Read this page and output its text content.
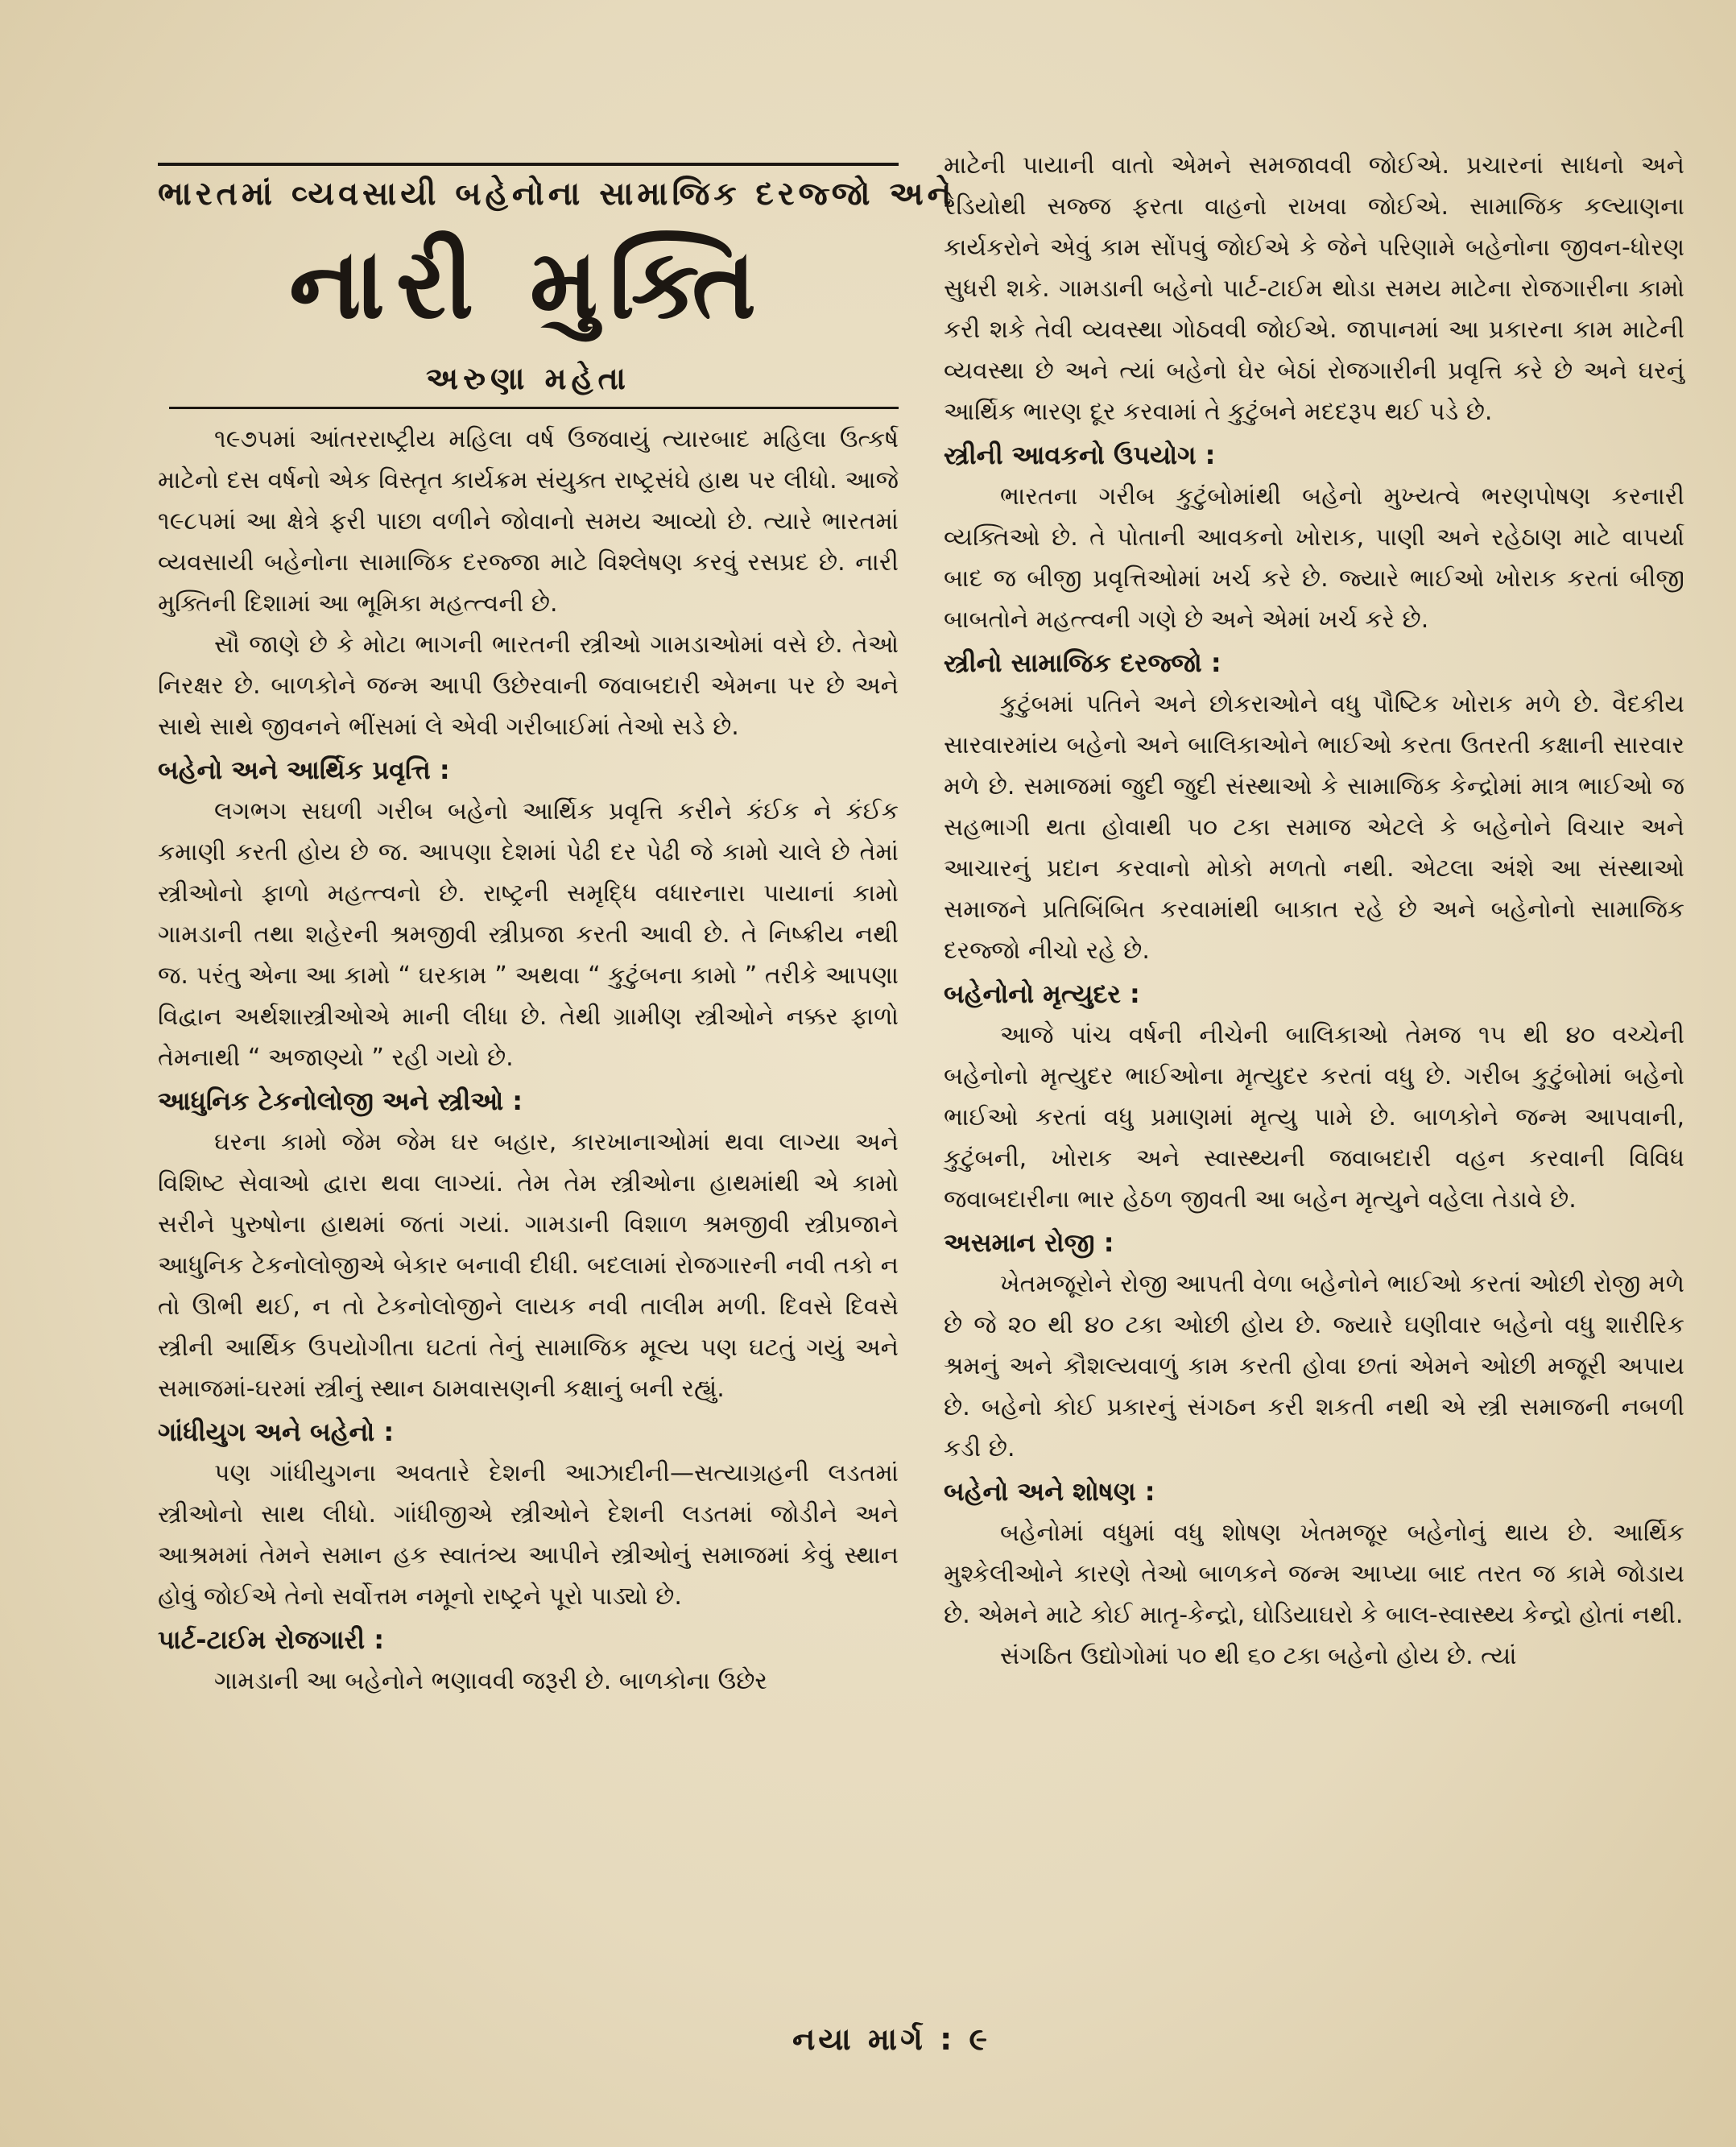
ભારતમાં વ્યવસાયી બહેનોના સામાજિક દરજ્જો અને
નારી મુક્તિ
અરુણા મહેતા

૧૯૭૫માં આંતરરાષ્ટ્રીય મહિલા વર્ષ ઉજવાયું ત્યારબાદ મહિલા ઉત્કર્ષ માટેનો દસ વર્ષનો એક વિસ્તૃત કાર્યક્રમ સંયુક્ત રાષ્ટ્રસંઘે હાથ પર લીધો. આજે ૧૯૮૫માં આ ક્ષેત્રે ફરી પાછા વળીને જોવાનો સમય આવ્યો છે. ત્યારે ભારતમાં વ્યવસાયી બહેનોના સામાજિક દરજ્જા માટે વિશ્લેષણ કરવું રસપ્રદ છે. નારી મુક્તિની દિશામાં આ ભૂમિકા મહત્ત્વની છે.

સૌ જાણે છે કે મોટા ભાગની ભારતની સ્ત્રીઓ ગામડાઓમાં વસે છે. તેઓ નિરક્ષર છે. બાળકોને જન્મ આપી ઉછેરવાની જવાબદારી એમના પર છે અને સાથે સાથે જીવનને ભીંસમાં લે એવી ગરીબાઈમાં તેઓ સડે છે.

બહેનો અને આર્થિક પ્રવૃત્તિ :

લગભગ સઘળી ગરીબ બહેનો આર્થિક પ્રવૃત્તિ કરીને કંઈક ને કંઈક કમાણી કરતી હોય છે જ. આપણા દેશમાં પેઢી દર પેઢી જે કામો ચાલે છે તેમાં સ્ત્રીઓનો ફાળો મહત્ત્વનો છે. રાષ્ટ્રની સમૃદ્ધિ વધારનારા પાયાનાં કામો ગામડાની તથા શહેરની શ્રમજીવી સ્ત્રીપ્રજા કરતી આવી છે. તે નિષ્ક્રીય નથી જ. પરંતુ એના આ કામો “ ઘરકામ ” અથવા “ કુટુંબના કામો ” તરીકે આપણા વિદ્વાન અર્થશાસ્ત્રીઓએ માની લીધા છે. તેથી ગ્રામીણ સ્ત્રીઓને નક્કર ફાળો તેમનાથી “ અજાણ્યો ” રહી ગયો છે.

આધુનિક ટેકનોલોજી અને સ્ત્રીઓ :

ઘરના કામો જેમ જેમ ઘર બહાર, કારખાનાઓમાં થવા લાગ્યા અને વિશિષ્ટ સેવાઓ દ્વારા થવા લાગ્યાં. તેમ તેમ સ્ત્રીઓના હાથમાંથી એ કામો સરીને પુરુષોના હાથમાં જતાં ગયાં. ગામડાની વિશાળ શ્રમજીવી સ્ત્રીપ્રજાને આધુનિક ટેકનોલોજીએ બેકાર બનાવી દીધી. બદલામાં રોજગારની નવી તકો ન તો ઊભી થઈ, ન તો ટેકનોલોજીને લાયક નવી તાલીમ મળી. દિવસે દિવસે સ્ત્રીની આર્થિક ઉપયોગીતા ઘટતાં તેનું સામાજિક મૂલ્ય પણ ઘટતું ગયું અને સમાજમાં-ઘરમાં સ્ત્રીનું સ્થાન ઠામવાસણની કક્ષાનું બની રહ્યું.

ગાંધીયુગ અને બહેનો :

પણ ગાંધીયુગના અવતારે દેશની આઝાદીની—સત્યાગ્રહની લડતમાં સ્ત્રીઓનો સાથ લીધો. ગાંધીજીએ સ્ત્રીઓને દેશની લડતમાં જોડીને અને આશ્રમમાં તેમને સમાન હક સ્વાતંત્ર્ય આપીને સ્ત્રીઓનું સમાજમાં કેવું સ્થાન હોવું જોઈએ તેનો સર્વોત્તમ નમૂનો રાષ્ટ્રને પૂરો પાડ્યો છે.

પાર્ટ-ટાઈમ રોજગારી :

ગામડાની આ બહેનોને ભણાવવી જરૂરી છે. બાળકોના ઉછેર

માટેની પાયાની વાતો એમને સમજાવવી જોઈએ. પ્રચારનાં સાધનો અને રેડિયોથી સજ્જ ફરતા વાહનો રાખવા જોઈએ. સામાજિક કલ્યાણના કાર્યકરોને એવું કામ સોંપવું જોઈએ કે જેને પરિણામે બહેનોના જીવન-ધોરણ સુધરી શકે. ગામડાની બહેનો પાર્ટ-ટાઈમ થોડા સમય માટેના રોજગારીના કામો કરી શકે તેવી વ્યવસ્થા ગોઠવવી જોઈએ. જાપાનમાં આ પ્રકારના કામ માટેની વ્યવસ્થા છે અને ત્યાં બહેનો ઘેર બેઠાં રોજગારીની પ્રવૃત્તિ કરે છે અને ઘરનું આર્થિક ભારણ દૂર કરવામાં તે કુટુંબને મદદરૂપ થઈ પડે છે.

સ્ત્રીની આવકનો ઉપયોગ :

ભારતના ગરીબ કુટુંબોમાંથી બહેનો મુખ્યત્વે ભરણપોષણ કરનારી વ્યક્તિઓ છે. તે પોતાની આવકનો ખોરાક, પાણી અને રહેઠાણ માટે વાપર્યા બાદ જ બીજી પ્રવૃત્તિઓમાં ખર્ચ કરે છે. જ્યારે ભાઈઓ ખોરાક કરતાં બીજી બાબતોને મહત્ત્વની ગણે છે અને એમાં ખર્ચ કરે છે.

સ્ત્રીનો સામાજિક દરજ્જો :

કુટુંબમાં પતિને અને છોકરાઓને વધુ પૌષ્ટિક ખોરાક મળે છે. વૈદકીય સારવારમાંય બહેનો અને બાલિકાઓને ભાઈઓ કરતા ઉતરતી કક્ષાની સારવાર મળે છે. સમાજમાં જુદી જુદી સંસ્થાઓ કે સામાજિક કેન્દ્રોમાં માત્ર ભાઈઓ જ સહભાગી થતા હોવાથી ૫૦ ટકા સમાજ એટલે કે બહેનોને વિચાર અને આચારનું પ્રદાન કરવાનો મોકો મળતો નથી. એટલા અંશે આ સંસ્થાઓ સમાજને પ્રતિબિંબિત કરવામાંથી બાકાત રહે છે અને બહેનોનો સામાજિક દરજ્જો નીચો રહે છે.

બહેનોનો મૃત્યુદર :

આજે પાંચ વર્ષની નીચેની બાલિકાઓ તેમજ ૧૫ થી ૪૦ વચ્ચેની બહેનોનો મૃત્યુદર ભાઈઓના મૃત્યુદર કરતાં વધુ છે. ગરીબ કુટુંબોમાં બહેનો ભાઈઓ કરતાં વધુ પ્રમાણમાં મૃત્યુ પામે છે. બાળકોને જન્મ આપવાની, કુટુંબની, ખોરાક અને સ્વાસ્થ્યની જવાબદારી વહન કરવાની વિવિધ જવાબદારીના ભાર હેઠળ જીવતી આ બહેન મૃત્યુને વહેલા તેડાવે છે.

અસમાન રોજી :

ખેતમજૂરોને રોજી આપતી વેળા બહેનોને ભાઈઓ કરતાં ઓછી રોજી મળે છે જે ૨૦ થી ૪૦ ટકા ઓછી હોય છે. જ્યારે ઘણીવાર બહેનો વધુ શારીરિક શ્રમનું અને કૌશલ્યવાળું કામ કરતી હોવા છતાં એમને ઓછી મજૂરી અપાય છે. બહેનો કોઈ પ્રકારનું સંગઠન કરી શકતી નથી એ સ્ત્રી સમાજની નબળી કડી છે.

બહેનો અને શોષણ :

બહેનોમાં વધુમાં વધુ શોષણ ખેતમજૂર બહેનોનું થાય છે. આર્થિક મુશ્કેલીઓને કારણે તેઓ બાળકને જન્મ આપ્યા બાદ તરત જ કામે જોડાય છે. એમને માટે કોઈ માતૃ-કેન્દ્રો, ઘોડિયાઘરો કે બાલ-સ્વાસ્થ્ય કેન્દ્રો હોતાં નથી.

સંગઠિત ઉદ્યોગોમાં ૫૦ થી ૬૦ ટકા બહેનો હોય છે. ત્યાં

નયા માર્ગ : ૯
